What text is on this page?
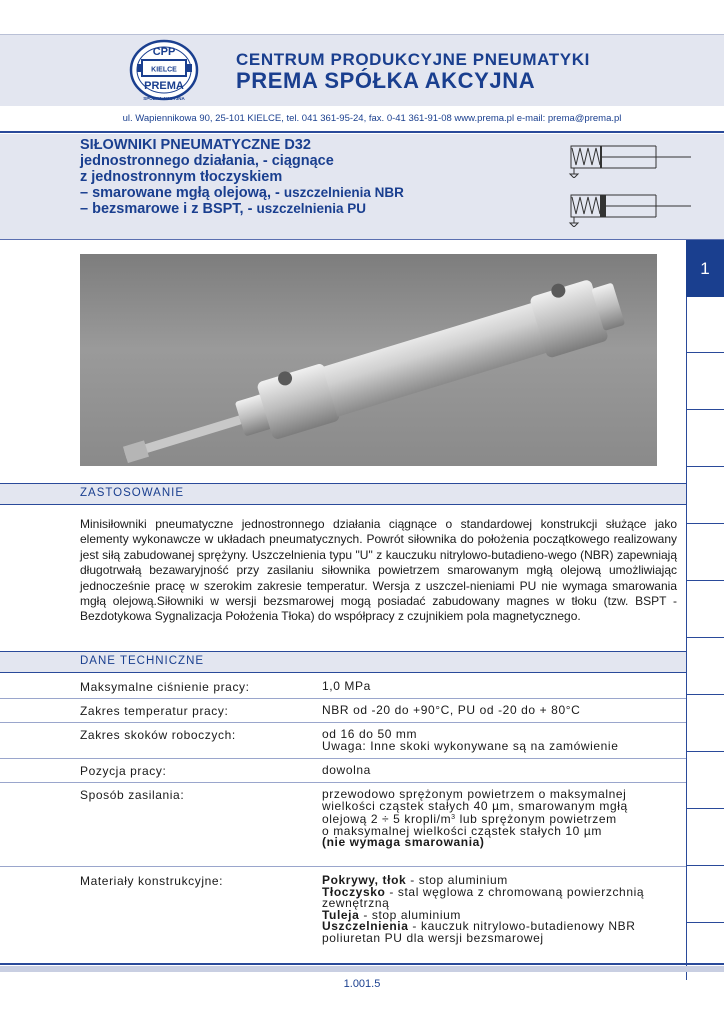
CPP
KIELCE
PREMA
SPÓŁKA AKCYJNA
CENTRUM PRODUKCYJNE PNEUMATYKI
PREMA SPÓŁKA AKCYJNA
ul. Wapiennikowa 90, 25-101 KIELCE, tel. 041 361-95-24, fax. 0-41 361-91-08 www.prema.pl e-mail: prema@prema.pl
SIŁOWNIKI PNEUMATYCZNE D32
jednostronnego działania, - ciągnące
z jednostronnym tłoczyskiem
– smarowane mgłą olejową, - uszczelnienia NBR
– bezsmarowe i z BSPT, - uszczelnienia PU
1
ZASTOSOWANIE
Minisiłowniki pneumatyczne jednostronnego działania ciągnące o standardowej konstrukcji służące jako elementy wykonawcze w układach pneumatycznych. Powrót siłownika do położenia początkowego realizowany jest siłą zabudowanej sprężyny. Uszczelnienia typu "U" z kauczuku nitrylowo-butadieno-wego (NBR) zapewniają długotrwałą bezawaryjność przy zasilaniu siłownika powietrzem smarowanym mgłą olejową umożliwiając jednocześnie pracę w szerokim zakresie temperatur. Wersja z uszczel-nieniami PU nie wymaga smarowania mgłą olejową.Siłowniki w wersji bezsmarowej mogą posiadać zabudowany magnes w tłoku (tzw. BSPT - Bezdotykowa Sygnalizacja Położenia Tłoka) do współpracy z czujnikiem pola magnetycznego.
DANE TECHNICZNE
Maksymalne ciśnienie pracy:	1,0 MPa
Zakres temperatur pracy:	NBR od -20 do +90°C, PU od -20 do + 80°C
Zakres skoków roboczych:	od 16 do 50 mm
Uwaga: Inne skoki wykonywane są na zamówienie
Pozycja pracy:	dowolna
Sposób zasilania:	przewodowo sprężonym powietrzem o maksymalnej
wielkości cząstek stałych 40 µm, smarowanym mgłą
olejową 2 ÷ 5 kropli/$m^3$ lub sprężonym powietrzem
o maksymalnej wielkości cząstek stałych 10 µm
(nie wymaga smarowania)
Materiały konstrukcyjne:	Pokrywy, tłok - stop aluminium
Tłoczysko - stal węglowa z chromowaną powierzchnią
zewnętrzną
Tuleja - stop aluminium
Uszczelnienia - kauczuk nitrylowo-butadienowy NBR
poliuretan PU dla wersji bezsmarowej
1.001.5
